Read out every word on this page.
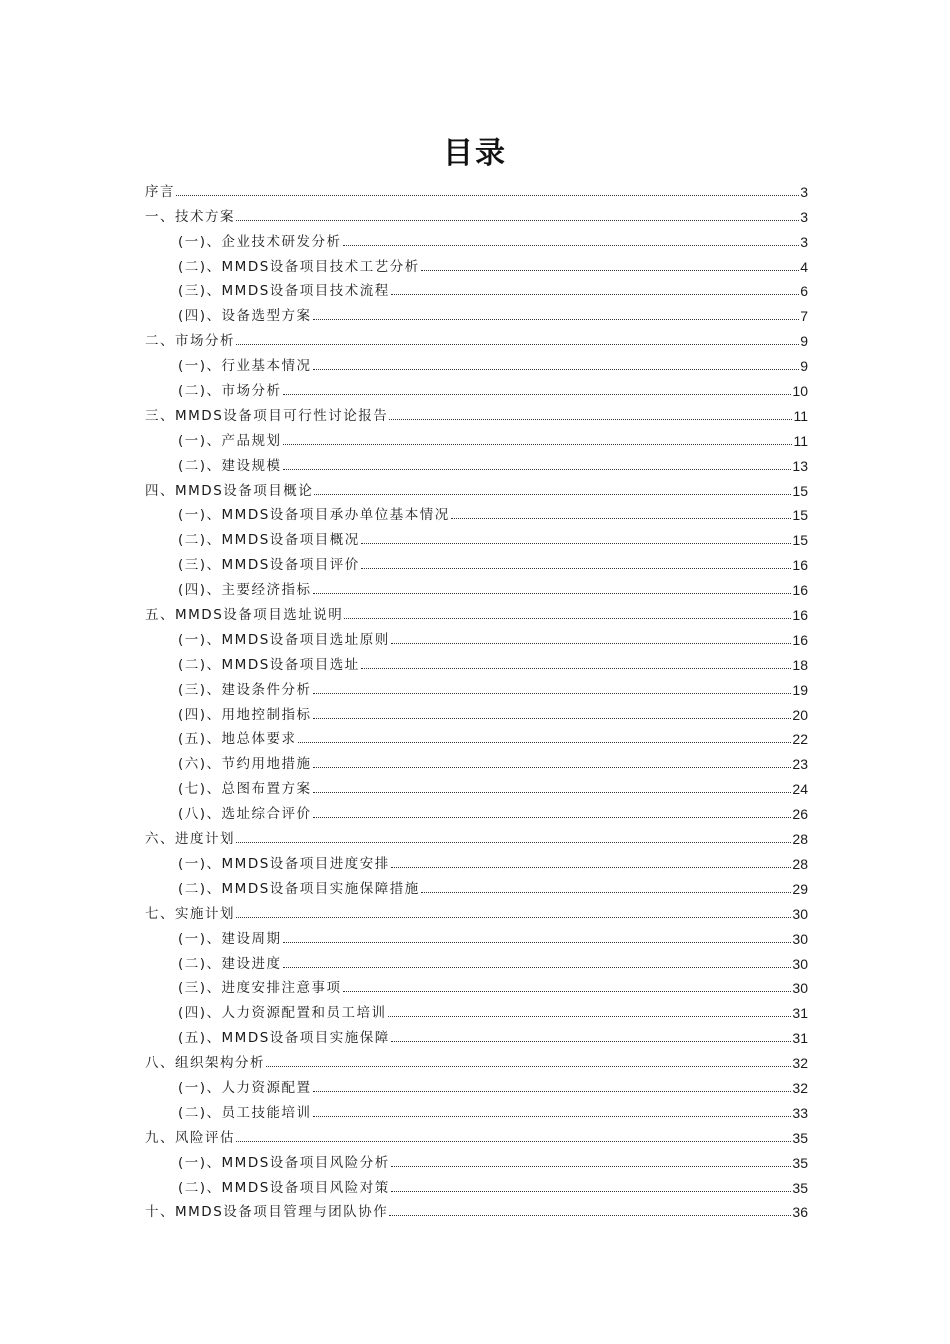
目录
序言	3
一、技术方案	3
(一)、企业技术研发分析	3
(二)、MMDS设备项目技术工艺分析	4
(三)、MMDS设备项目技术流程	6
(四)、设备选型方案	7
二、市场分析	9
(一)、行业基本情况	9
(二)、市场分析	10
三、MMDS设备项目可行性讨论报告	11
(一)、产品规划	11
(二)、建设规模	13
四、MMDS设备项目概论	15
(一)、MMDS设备项目承办单位基本情况	15
(二)、MMDS设备项目概况	15
(三)、MMDS设备项目评价	16
(四)、主要经济指标	16
五、MMDS设备项目选址说明	16
(一)、MMDS设备项目选址原则	16
(二)、MMDS设备项目选址	18
(三)、建设条件分析	19
(四)、用地控制指标	20
(五)、地总体要求	22
(六)、节约用地措施	23
(七)、总图布置方案	24
(八)、选址综合评价	26
六、进度计划	28
(一)、MMDS设备项目进度安排	28
(二)、MMDS设备项目实施保障措施	29
七、实施计划	30
(一)、建设周期	30
(二)、建设进度	30
(三)、进度安排注意事项	30
(四)、人力资源配置和员工培训	31
(五)、MMDS设备项目实施保障	31
八、组织架构分析	32
(一)、人力资源配置	32
(二)、员工技能培训	33
九、风险评估	35
(一)、MMDS设备项目风险分析	35
(二)、MMDS设备项目风险对策	35
十、MMDS设备项目管理与团队协作	36
